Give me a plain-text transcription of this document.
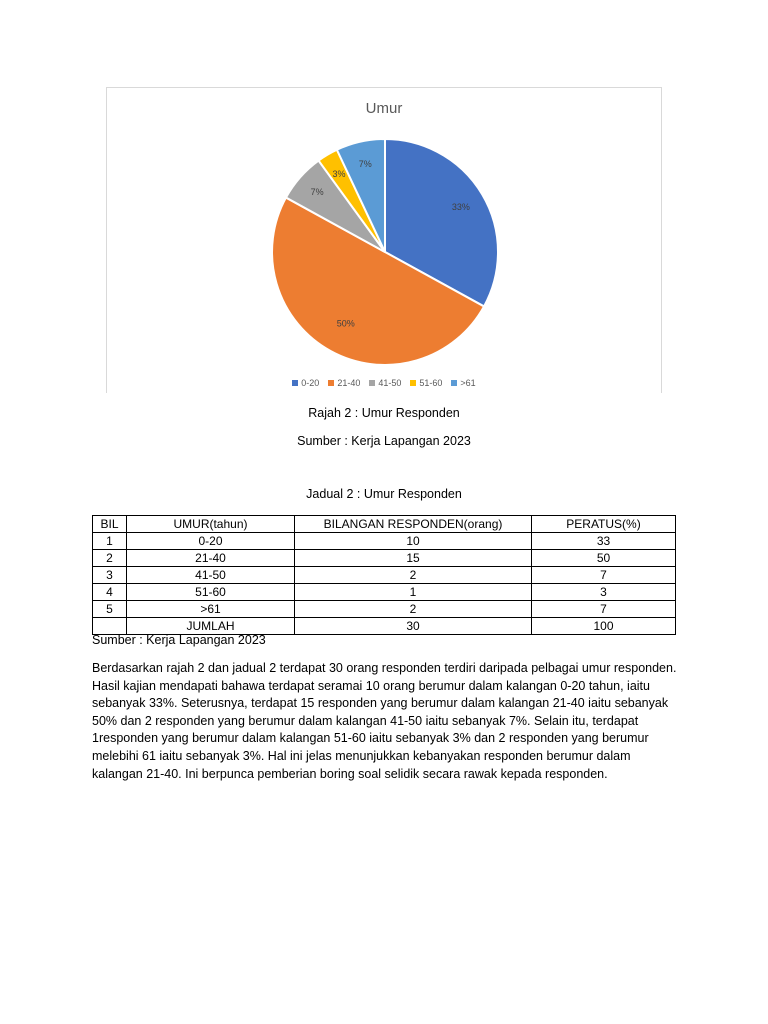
Umur
33%
50%
7%
3%
7%
0-20 21-40 41-50 51-60 >61
Rajah 2 : Umur Responden
Sumber : Kerja Lapangan 2023
Jadual 2 : Umur Responden
BIL	UMUR(tahun)	BILANGAN RESPONDEN(orang)	PERATUS(%)
1	0-20	10	33
2	21-40	15	50
3	41-50	2	7
4	51-60	1	3
5	>61	2	7
	JUMLAH	30	100
Sumber : Kerja Lapangan 2023

Berdasarkan rajah 2 dan jadual 2 terdapat 30 orang responden terdiri daripada pelbagai umur responden. Hasil kajian mendapati bahawa terdapat seramai 10 orang berumur dalam kalangan 0-20 tahun, iaitu sebanyak 33%. Seterusnya, terdapat 15 responden yang berumur dalam kalangan 21-40 iaitu sebanyak 50% dan 2 responden yang berumur dalam kalangan 41-50 iaitu sebanyak 7%. Selain itu, terdapat 1responden yang berumur dalam kalangan 51-60 iaitu sebanyak 3% dan 2 responden yang berumur melebihi 61 iaitu sebanyak 3%. Hal ini jelas menunjukkan kebanyakan responden berumur dalam kalangan 21-40. Ini berpuncа pemberian boring soal selidik secara rawak kepada responden.
